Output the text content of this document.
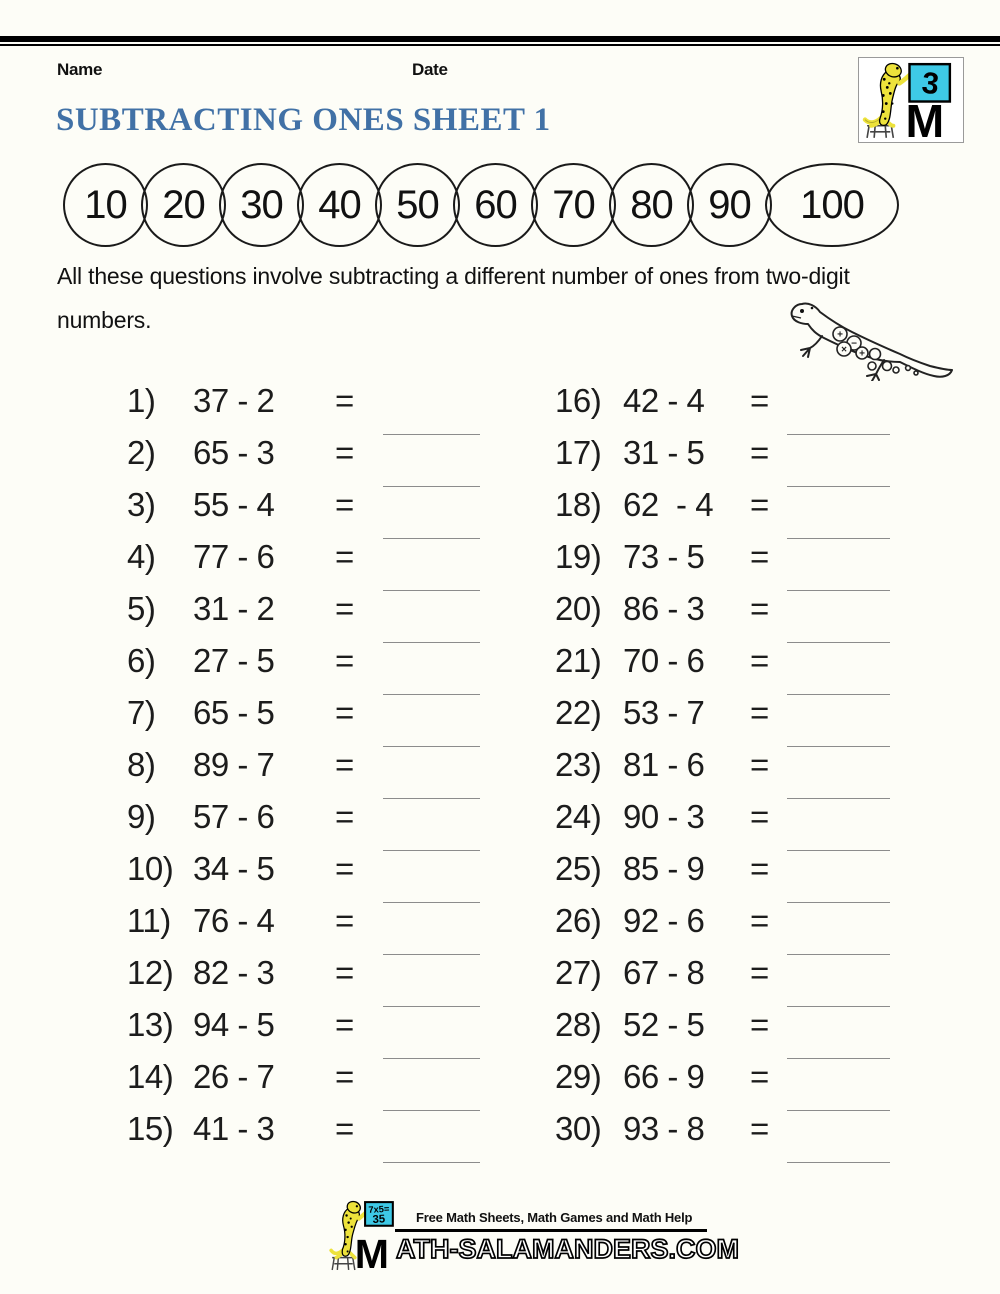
Name	Date	3
M
SUBTRACTING ONES SHEET 1
10 20 30 40 50 60 70 80 90 100
All these questions involve subtracting a different number of ones from two-digit
numbers.
+
−
× +
1)	37 - 2	=
2)	65 - 3	=
3)	55 - 4	=
4)	77 - 6	=
5)	31 - 2	=
6)	27 - 5	=
7)	65 - 5	=
8)	89 - 7	=
9)	57 - 6	=
10) 34 - 5	=
11) 76 - 4	=
12) 82 - 3	=
13) 94 - 5	=
14) 26 - 7	=
15) 41 - 3	=
16) 42 - 4	=
17) 31 - 5	=
18) 62  - 4	=
19) 73 - 5	=
20) 86 - 3	=
21) 70 - 6	=
22) 53 - 7	=
23) 81 - 6	=
24) 90 - 3	=
25) 85 - 9	=
26) 92 - 6	=
27) 67 - 8	=
28) 52 - 5	=
29) 66 - 9	=
30) 93 - 8	=
7x5=
35
M
Free Math Sheets, Math Games and Math Help
ATH-SALAMANDERS.COM
